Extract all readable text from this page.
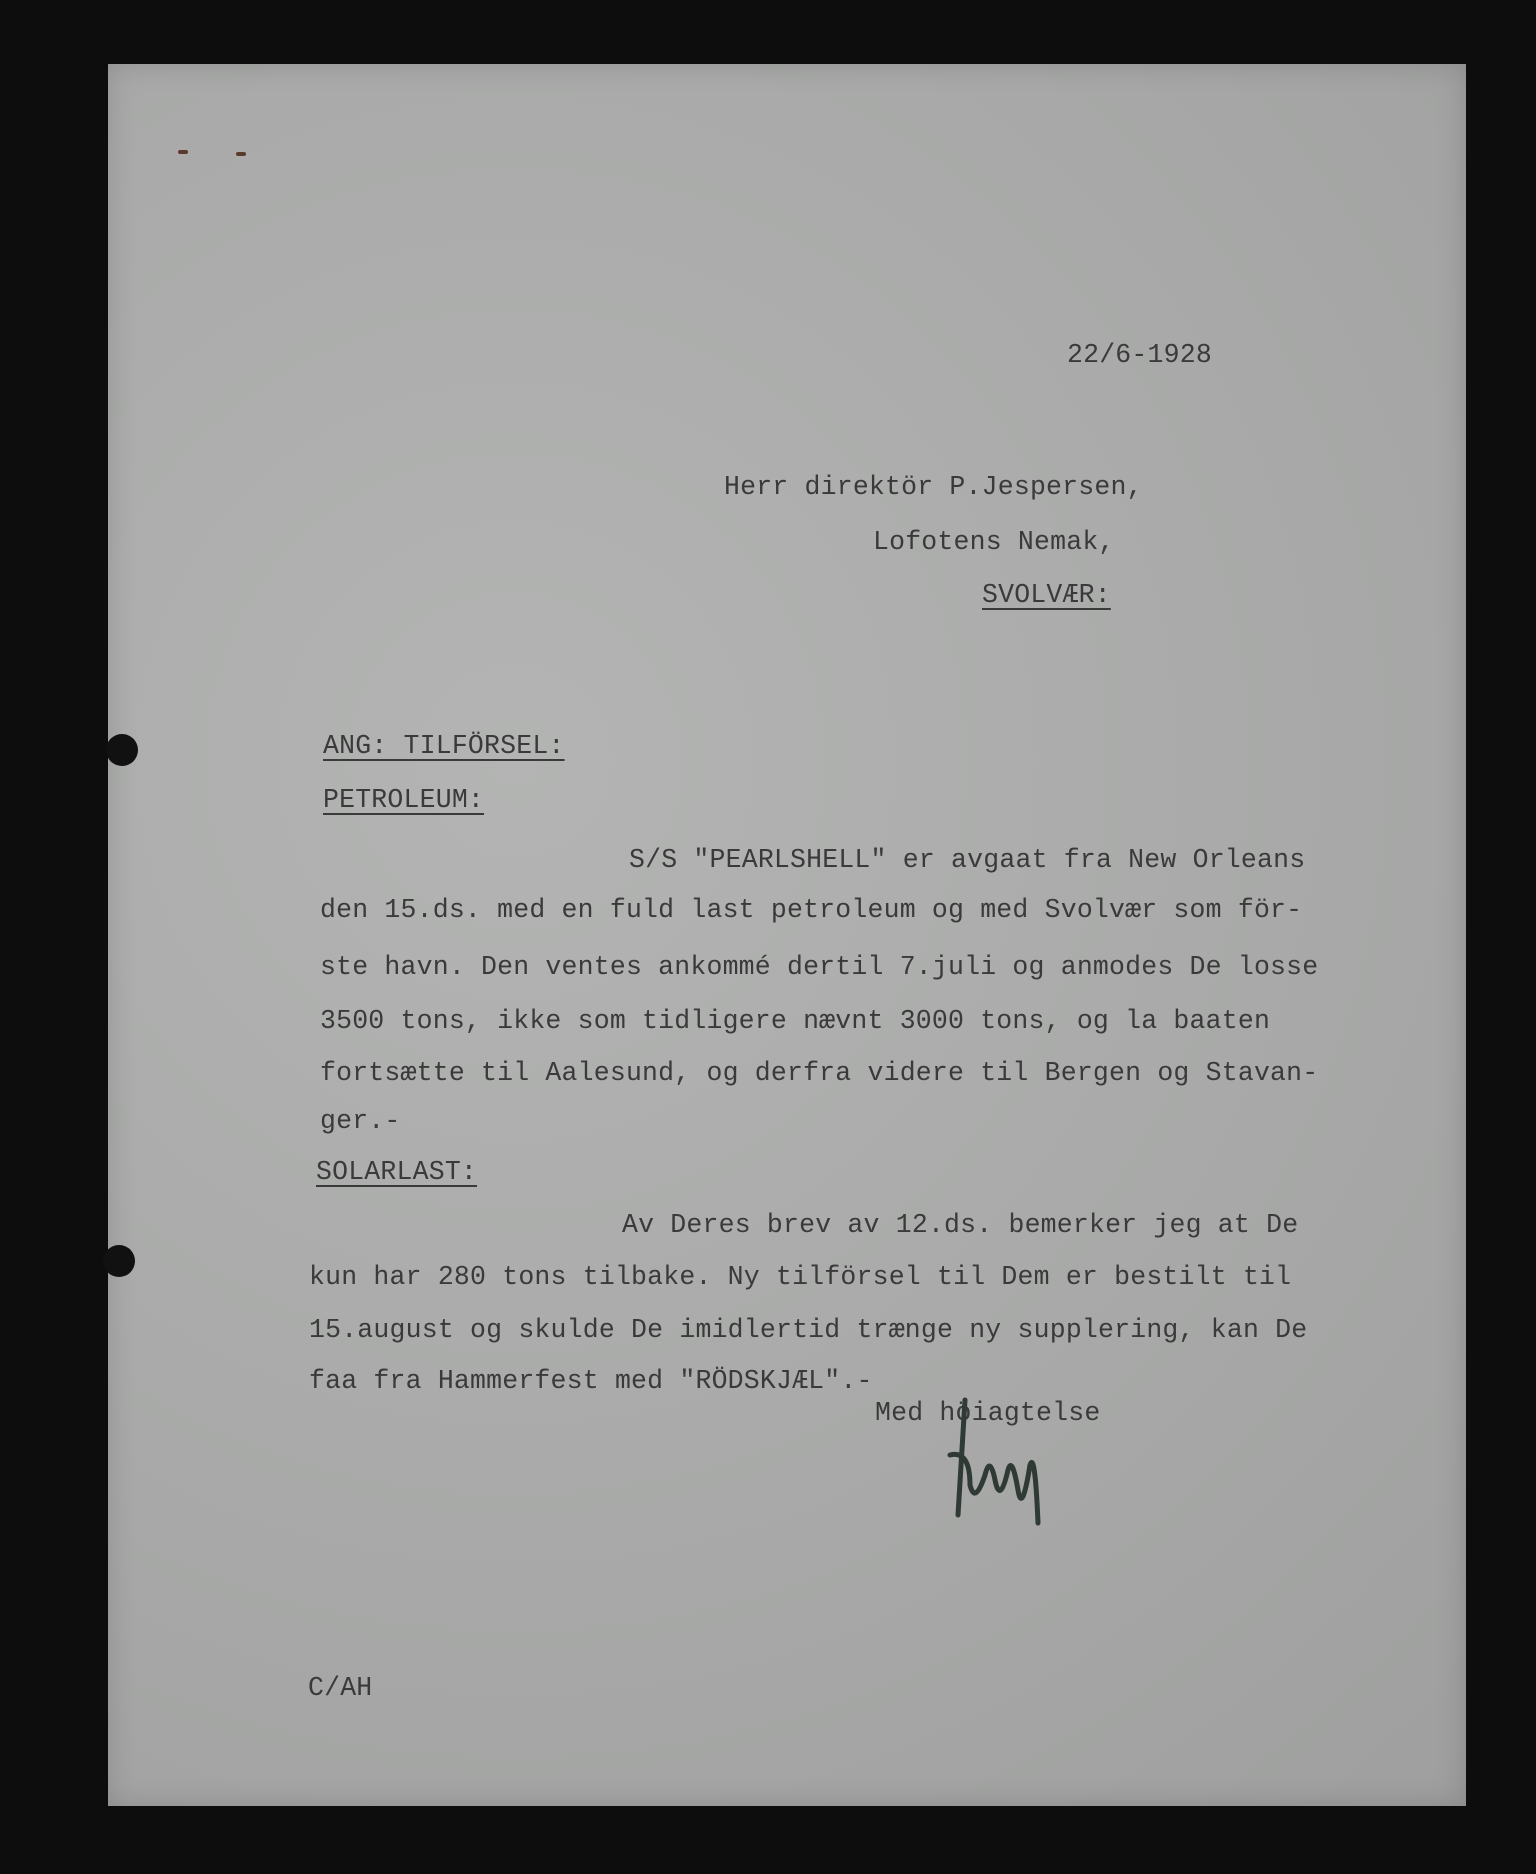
22/6-1928
Herr direktör P.Jespersen,
Lofotens Nemak,
SVOLVÆR:
ANG: TILFÖRSEL:
PETROLEUM:
S/S "PEARLSHELL" er avgaat fra New Orleans
den 15.ds. med en fuld last petroleum og med Svolvær som för-
ste havn. Den ventes ankommé dertil 7.juli og anmodes De losse
3500 tons, ikke som tidligere nævnt 3000 tons, og la baaten
fortsætte til Aalesund, og derfra videre til Bergen og Stavan-
ger.-
SOLARLAST:
Av Deres brev av 12.ds. bemerker jeg at De
kun har 280 tons tilbake. Ny tilförsel til Dem er bestilt til
15.august og skulde De imidlertid trænge ny supplering, kan De
faa fra Hammerfest med "RÖDSKJÆL".-
Med höiagtelse
C/AH
